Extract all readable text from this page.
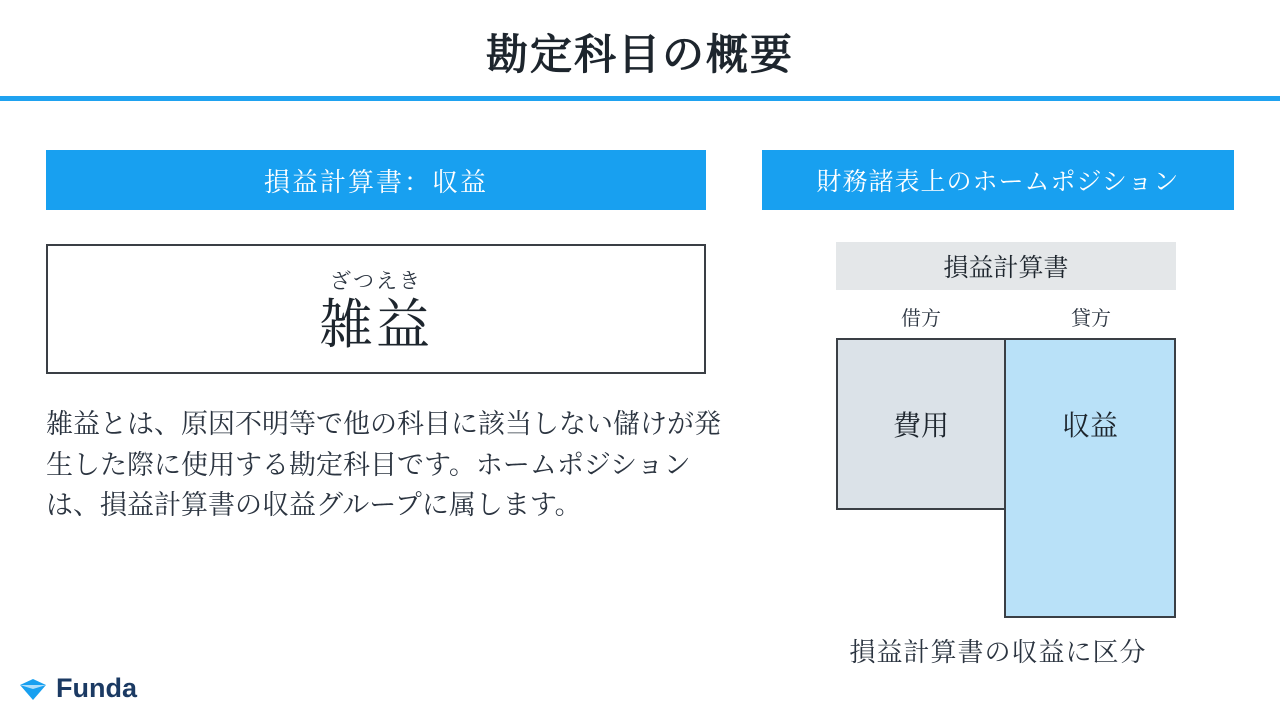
勘定科目の概要
損益計算書：収益
ざつえき
雑益
雑益とは、原因不明等で他の科目に該当しない儲けが発生した際に使用する勘定科目です。ホームポジションは、損益計算書の収益グループに属します。
財務諸表上のホームポジション
損益計算書
借方	貸方
費用	収益
損益計算書の収益に区分
Funda
